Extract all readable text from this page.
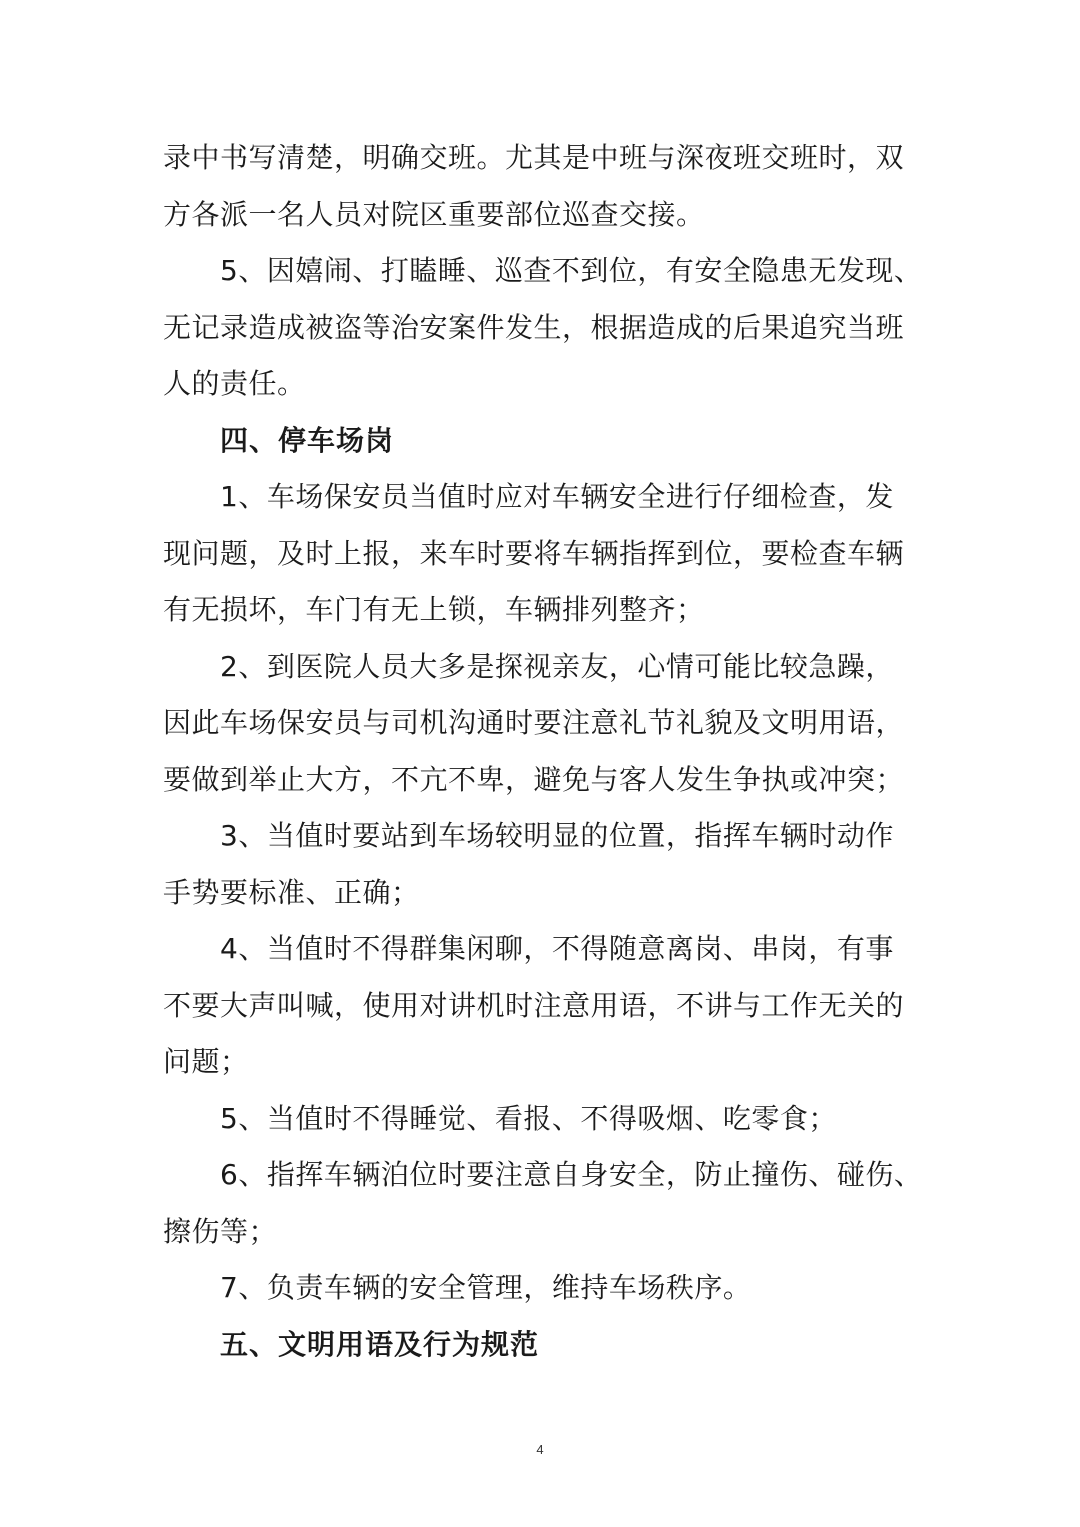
录中书写清楚，明确交班。尤其是中班与深夜班交班时，双
方各派一名人员对院区重要部位巡查交接。
5、因嬉闹、打瞌睡、巡查不到位，有安全隐患无发现、
无记录造成被盗等治安案件发生，根据造成的后果追究当班
人的责任。
四、停车场岗
1、车场保安员当值时应对车辆安全进行仔细检查，发
现问题，及时上报，来车时要将车辆指挥到位，要检查车辆
有无损坏，车门有无上锁，车辆排列整齐；
2、到医院人员大多是探视亲友，心情可能比较急躁，
因此车场保安员与司机沟通时要注意礼节礼貌及文明用语，
要做到举止大方，不亢不卑，避免与客人发生争执或冲突；
3、当值时要站到车场较明显的位置，指挥车辆时动作
手势要标准、正确；
4、当值时不得群集闲聊，不得随意离岗、串岗，有事
不要大声叫喊，使用对讲机时注意用语，不讲与工作无关的
问题；
5、当值时不得睡觉、看报、不得吸烟、吃零食；
6、指挥车辆泊位时要注意自身安全，防止撞伤、碰伤、
擦伤等；
7、负责车辆的安全管理，维持车场秩序。
五、文明用语及行为规范
4
